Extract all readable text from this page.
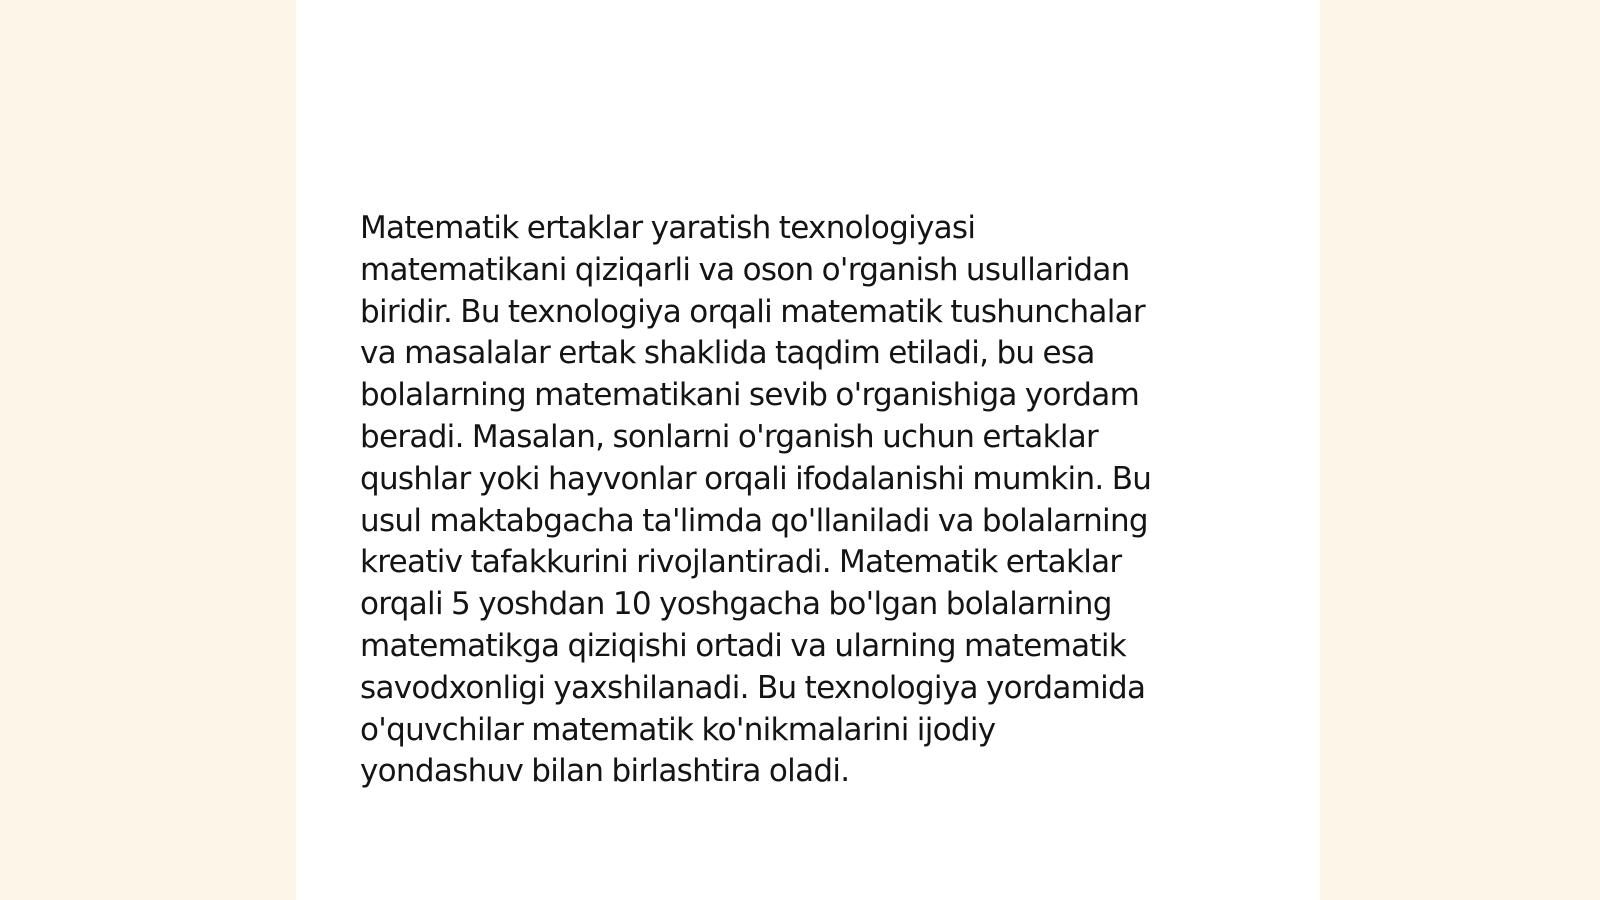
Matematik ertaklar yaratish texnologiyasi
matematikani qiziqarli va oson o'rganish usullaridan
biridir. Bu texnologiya orqali matematik tushunchalar
va masalalar ertak shaklida taqdim etiladi, bu esa
bolalarning matematikani sevib o'rganishiga yordam
beradi. Masalan, sonlarni o'rganish uchun ertaklar
qushlar yoki hayvonlar orqali ifodalanishi mumkin. Bu
usul maktabgacha ta'limda qo'llaniladi va bolalarning
kreativ tafakkurini rivojlantiradi. Matematik ertaklar
orqali 5 yoshdan 10 yoshgacha bo'lgan bolalarning
matematikga qiziqishi ortadi va ularning matematik
savodxonligi yaxshilanadi. Bu texnologiya yordamida
o'quvchilar matematik ko'nikmalarini ijodiy
yondashuv bilan birlashtira oladi.
